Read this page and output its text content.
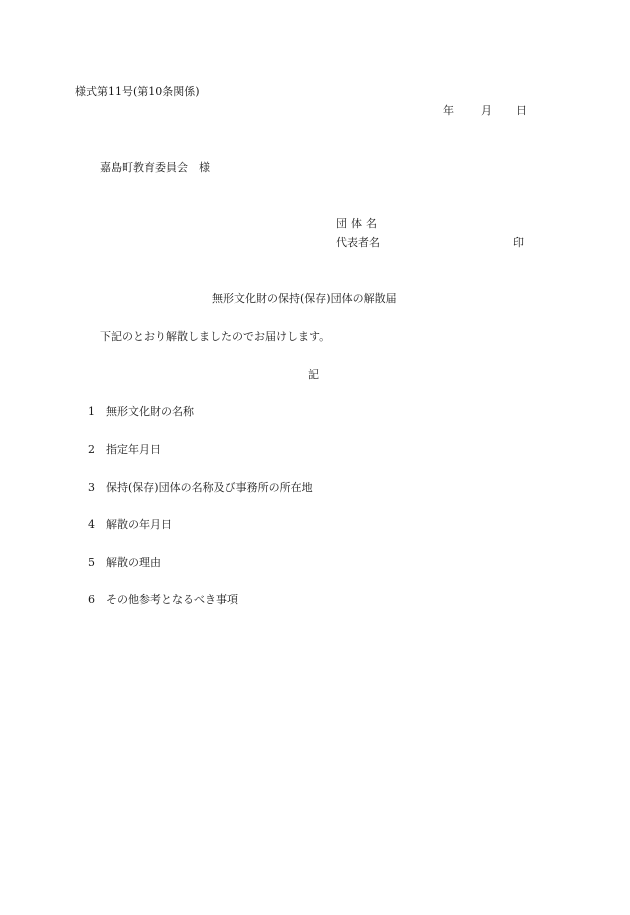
様式第11号(第10条関係)
年 月 日
嘉島町教育委員会　様
団体名
代表者名	印
無形文化財の保持(保存)団体の解散届
下記のとおり解散しましたのでお届けします。
記
1 無形文化財の名称
2 指定年月日
3 保持(保存)団体の名称及び事務所の所在地
4 解散の年月日
5 解散の理由
6 その他参考となるべき事項
